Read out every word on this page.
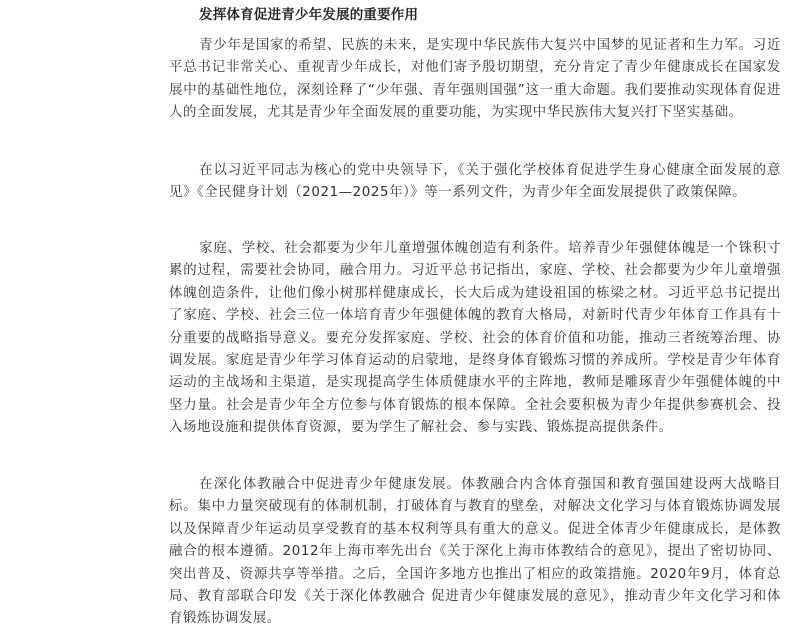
发挥体育促进青少年发展的重要作用

青少年是国家的希望、民族的未来，是实现中华民族伟大复兴中国梦的见证者和生力军。习近平总书记非常关心、重视青少年成长，对他们寄予殷切期望，充分肯定了青少年健康成长在国家发展中的基础性地位，深刻诠释了“少年强、青年强则国强”这一重大命题。我们要推动实现体育促进人的全面发展，尤其是青少年全面发展的重要功能，为实现中华民族伟大复兴打下坚实基础。

在以习近平同志为核心的党中央领导下，《关于强化学校体育促进学生身心健康全面发展的意见》《全民健身计划（2021—2025年）》等一系列文件，为青少年全面发展提供了政策保障。

家庭、学校、社会都要为少年儿童增强体魄创造有利条件。培养青少年强健体魄是一个铢积寸累的过程，需要社会协同，融合用力。习近平总书记指出，家庭、学校、社会都要为少年儿童增强体魄创造条件，让他们像小树那样健康成长，长大后成为建设祖国的栋梁之材。习近平总书记提出了家庭、学校、社会三位一体培育青少年强健体魄的教育大格局，对新时代青少年体育工作具有十分重要的战略指导意义。要充分发挥家庭、学校、社会的体育价值和功能，推动三者统筹治理、协调发展。家庭是青少年学习体育运动的启蒙地，是终身体育锻炼习惯的养成所。学校是青少年体育运动的主战场和主渠道，是实现提高学生体质健康水平的主阵地，教师是雕琢青少年强健体魄的中坚力量。社会是青少年全方位参与体育锻炼的根本保障。全社会要积极为青少年提供参赛机会、投入场地设施和提供体育资源，要为学生了解社会、参与实践、锻炼提高提供条件。

在深化体教融合中促进青少年健康发展。体教融合内含体育强国和教育强国建设两大战略目标。集中力量突破现有的体制机制，打破体育与教育的壁垒，对解决文化学习与体育锻炼协调发展以及保障青少年运动员享受教育的基本权利等具有重大的意义。促进全体青少年健康成长，是体教融合的根本遵循。2012年上海市率先出台《关于深化上海市体教结合的意见》，提出了密切协同、突出普及、资源共享等举措。之后，全国许多地方也推出了相应的政策措施。2020年9月，体育总局、教育部联合印发《关于深化体教融合 促进青少年健康发展的意见》，推动青少年文化学习和体育锻炼协调发展。
